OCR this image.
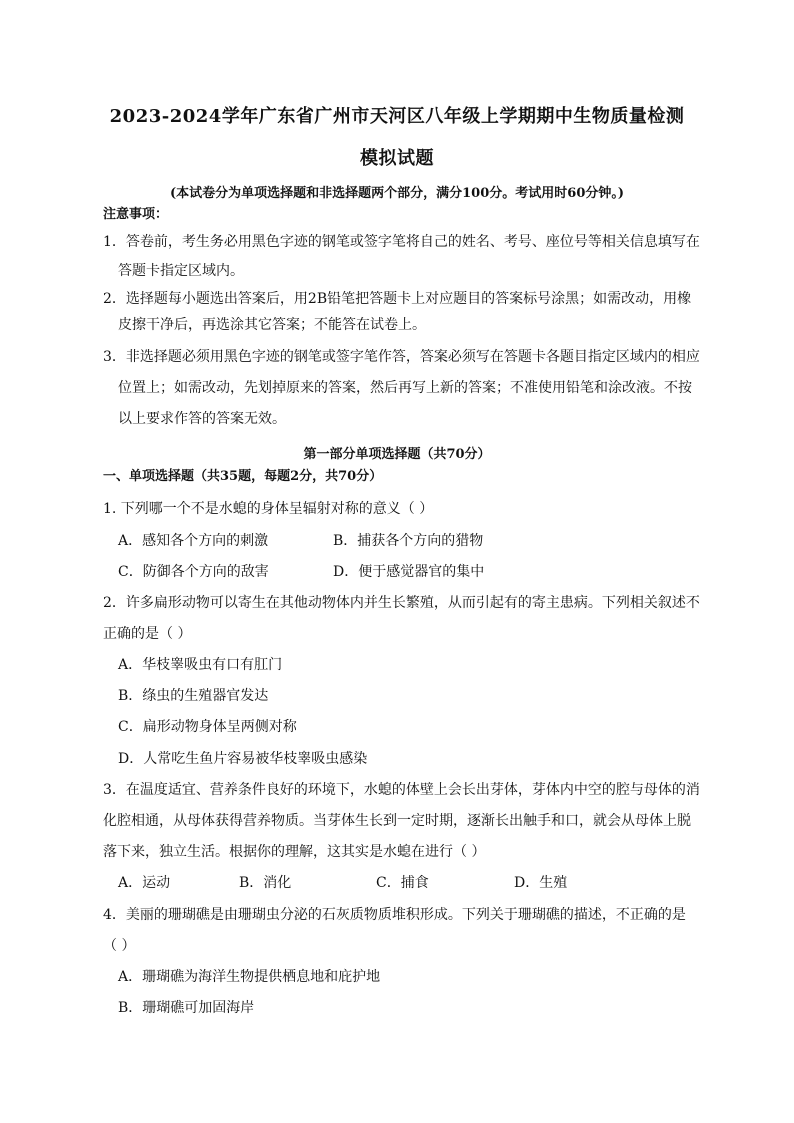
2023-2024学年广东省广州市天河区八年级上学期期中生物质量检测
模拟试题
(本试卷分为单项选择题和非选择题两个部分，满分100分。考试用时60分钟。)
注意事项：
1．答卷前，考生务必用黑色字迹的钢笔或签字笔将自己的姓名、考号、座位号等相关信息填写在
答题卡指定区域内。
2．选择题每小题选出答案后，用2B铅笔把答题卡上对应题目的答案标号涂黑；如需改动，用橡
皮擦干净后，再选涂其它答案；不能答在试卷上。
3．非选择题必须用黑色字迹的钢笔或签字笔作答，答案必须写在答题卡各题目指定区域内的相应
位置上；如需改动，先划掉原来的答案，然后再写上新的答案；不准使用铅笔和涂改液。不按
以上要求作答的答案无效。
第一部分单项选择题（共70分）
一、单项选择题（共35题，每题2分，共70分）
1. 下列哪一个不是水螅的身体呈辐射对称的意义（ ）
A．感知各个方向的刺激	B．捕获各个方向的猎物
C．防御各个方向的敌害	D．便于感觉器官的集中
2．许多扁形动物可以寄生在其他动物体内并生长繁殖，从而引起有的寄主患病。下列相关叙述不
正确的是（ ）
A．华枝睾吸虫有口有肛门
B．绦虫的生殖器官发达
C．扁形动物身体呈两侧对称
D．人常吃生鱼片容易被华枝睾吸虫感染
3．在温度适宜、营养条件良好的环境下，水螅的体壁上会长出芽体，芽体内中空的腔与母体的消
化腔相通，从母体获得营养物质。当芽体生长到一定时期，逐渐长出触手和口，就会从母体上脱
落下来，独立生活。根据你的理解，这其实是水螅在进行（ ）
A．运动	B．消化	C．捕食	D．生殖
4．美丽的珊瑚礁是由珊瑚虫分泌的石灰质物质堆积形成。下列关于珊瑚礁的描述，不正确的是
（ ）
A．珊瑚礁为海洋生物提供栖息地和庇护地
B．珊瑚礁可加固海岸
